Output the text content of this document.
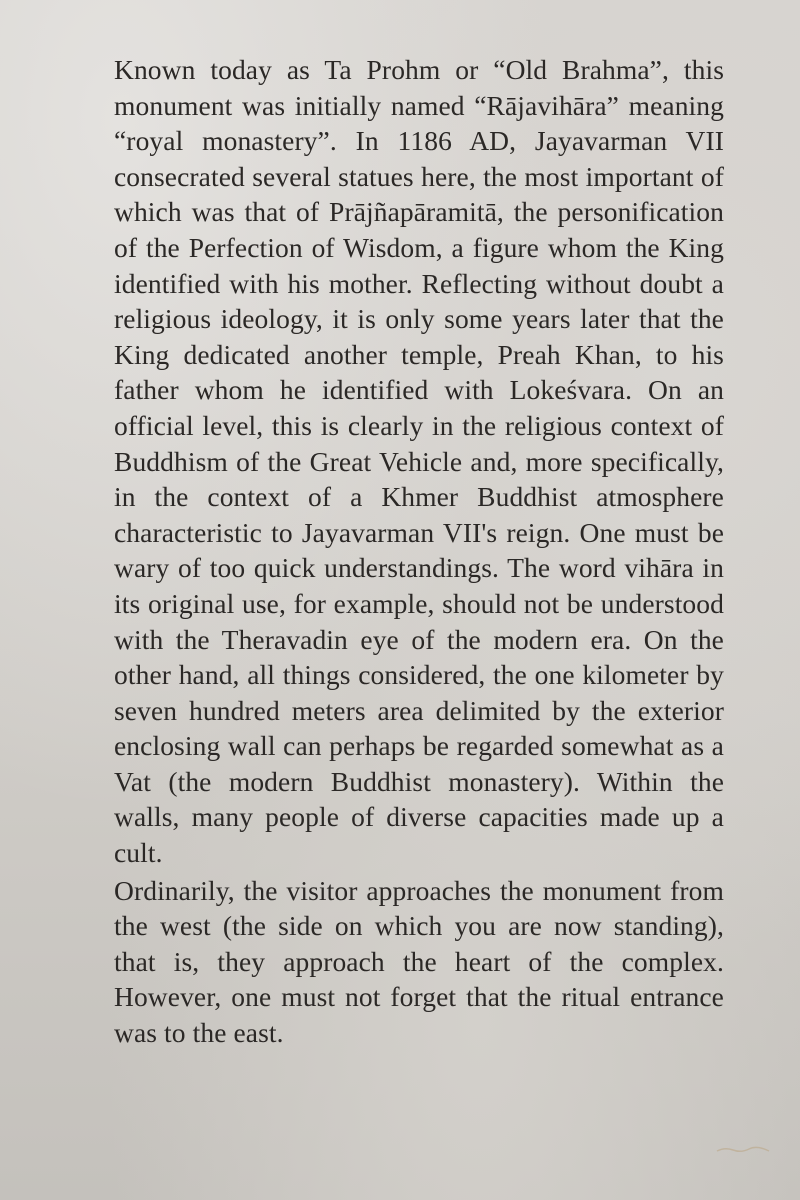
Known today as Ta Prohm or “Old Brahma”, this monument was initially named “Rājavihāra” meaning “royal monastery”. In 1186 AD, Jayavarman VII consecrated several statues here, the most important of which was that of Prājñapāramitā, the personification of the Perfection of Wisdom, a figure whom the King identified with his mother. Reflecting without doubt a religious ideology, it is only some years later that the King dedicated another temple, Preah Khan, to his father whom he identified with Lokeśvara. On an official level, this is clearly in the religious context of Buddhism of the Great Vehicle and, more specifically, in the context of a Khmer Buddhist atmosphere characteristic to Jayavarman VII's reign. One must be wary of too quick understandings. The word vihāra in its original use, for example, should not be understood with the Theravadin eye of the modern era. On the other hand, all things considered, the one kilometer by seven hundred meters area delimited by the exterior enclosing wall can perhaps be regarded somewhat as a Vat (the modern Buddhist monastery). Within the walls, many people of diverse capacities made up a cult.

Ordinarily, the visitor approaches the monument from the west (the side on which you are now standing), that is, they approach the heart of the complex. However, one must not forget that the ritual entrance was to the east.
